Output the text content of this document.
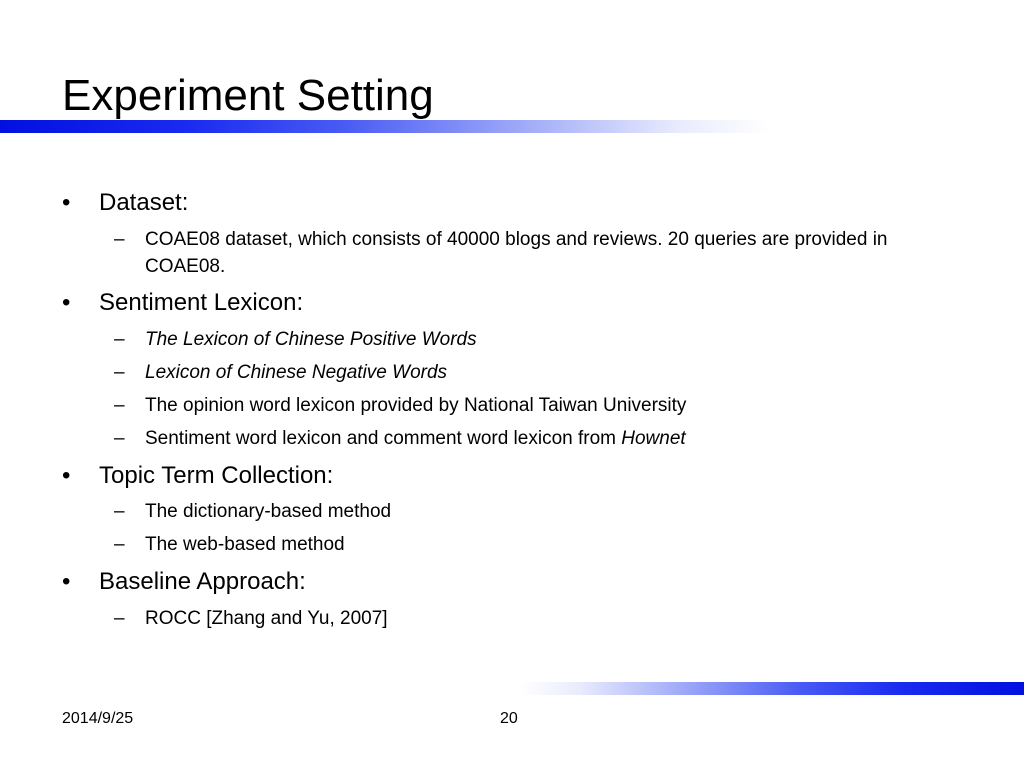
Experiment Setting
• Dataset:
– COAE08 dataset, which consists of 40000 blogs and reviews. 20 queries are provided in COAE08.
• Sentiment Lexicon:
– The Lexicon of Chinese Positive Words
– Lexicon of Chinese Negative Words
– The opinion word lexicon provided by National Taiwan University
– Sentiment word lexicon and comment word lexicon from Hownet
• Topic Term Collection:
– The dictionary-based method
– The web-based method
• Baseline Approach:
– ROCC [Zhang and Yu, 2007]
2014/9/25	20
